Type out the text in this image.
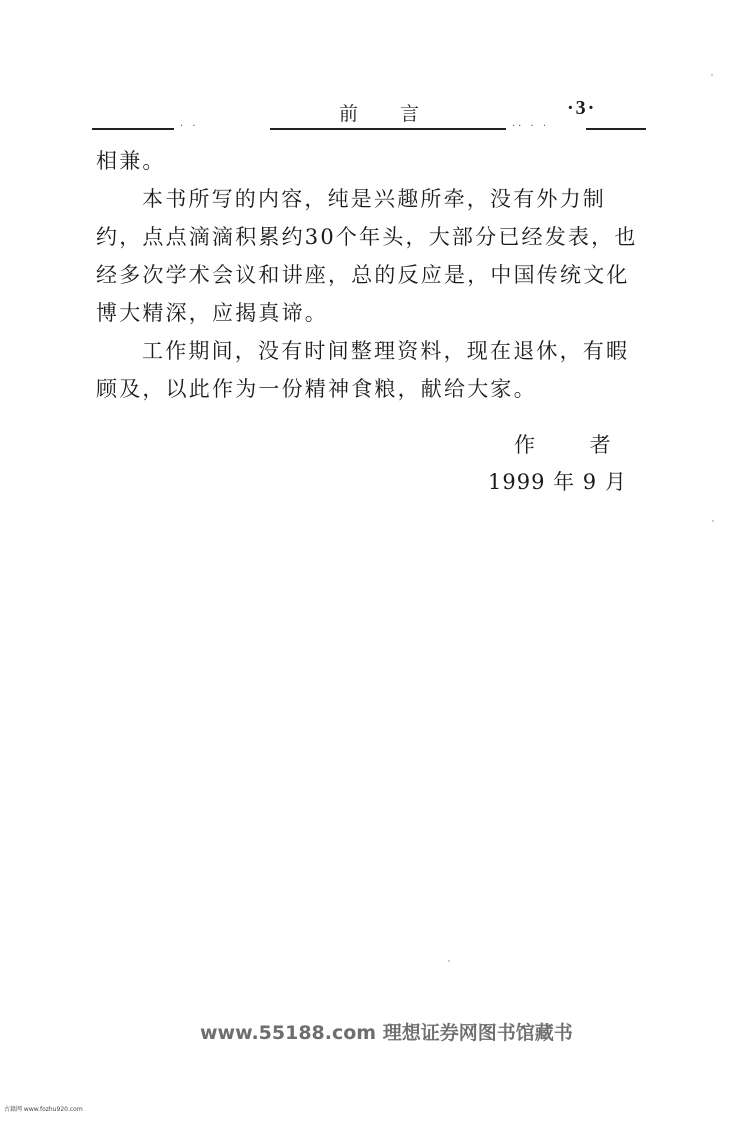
前 言	·3·
· ·	·· · ·

相兼。

本书所写的内容，纯是兴趣所牵，没有外力制约，点点滴滴积累约30个年头，大部分已经发表，也经多次学术会议和讲座，总的反应是，中国传统文化博大精深，应揭真谛。

工作期间，没有时间整理资料，现在退休，有暇顾及，以此作为一份精神食粮，献给大家。

作 者
1999 年 9 月
www.55188.com 理想证券网图书馆藏书
古籍网 www.fozhu920.com
